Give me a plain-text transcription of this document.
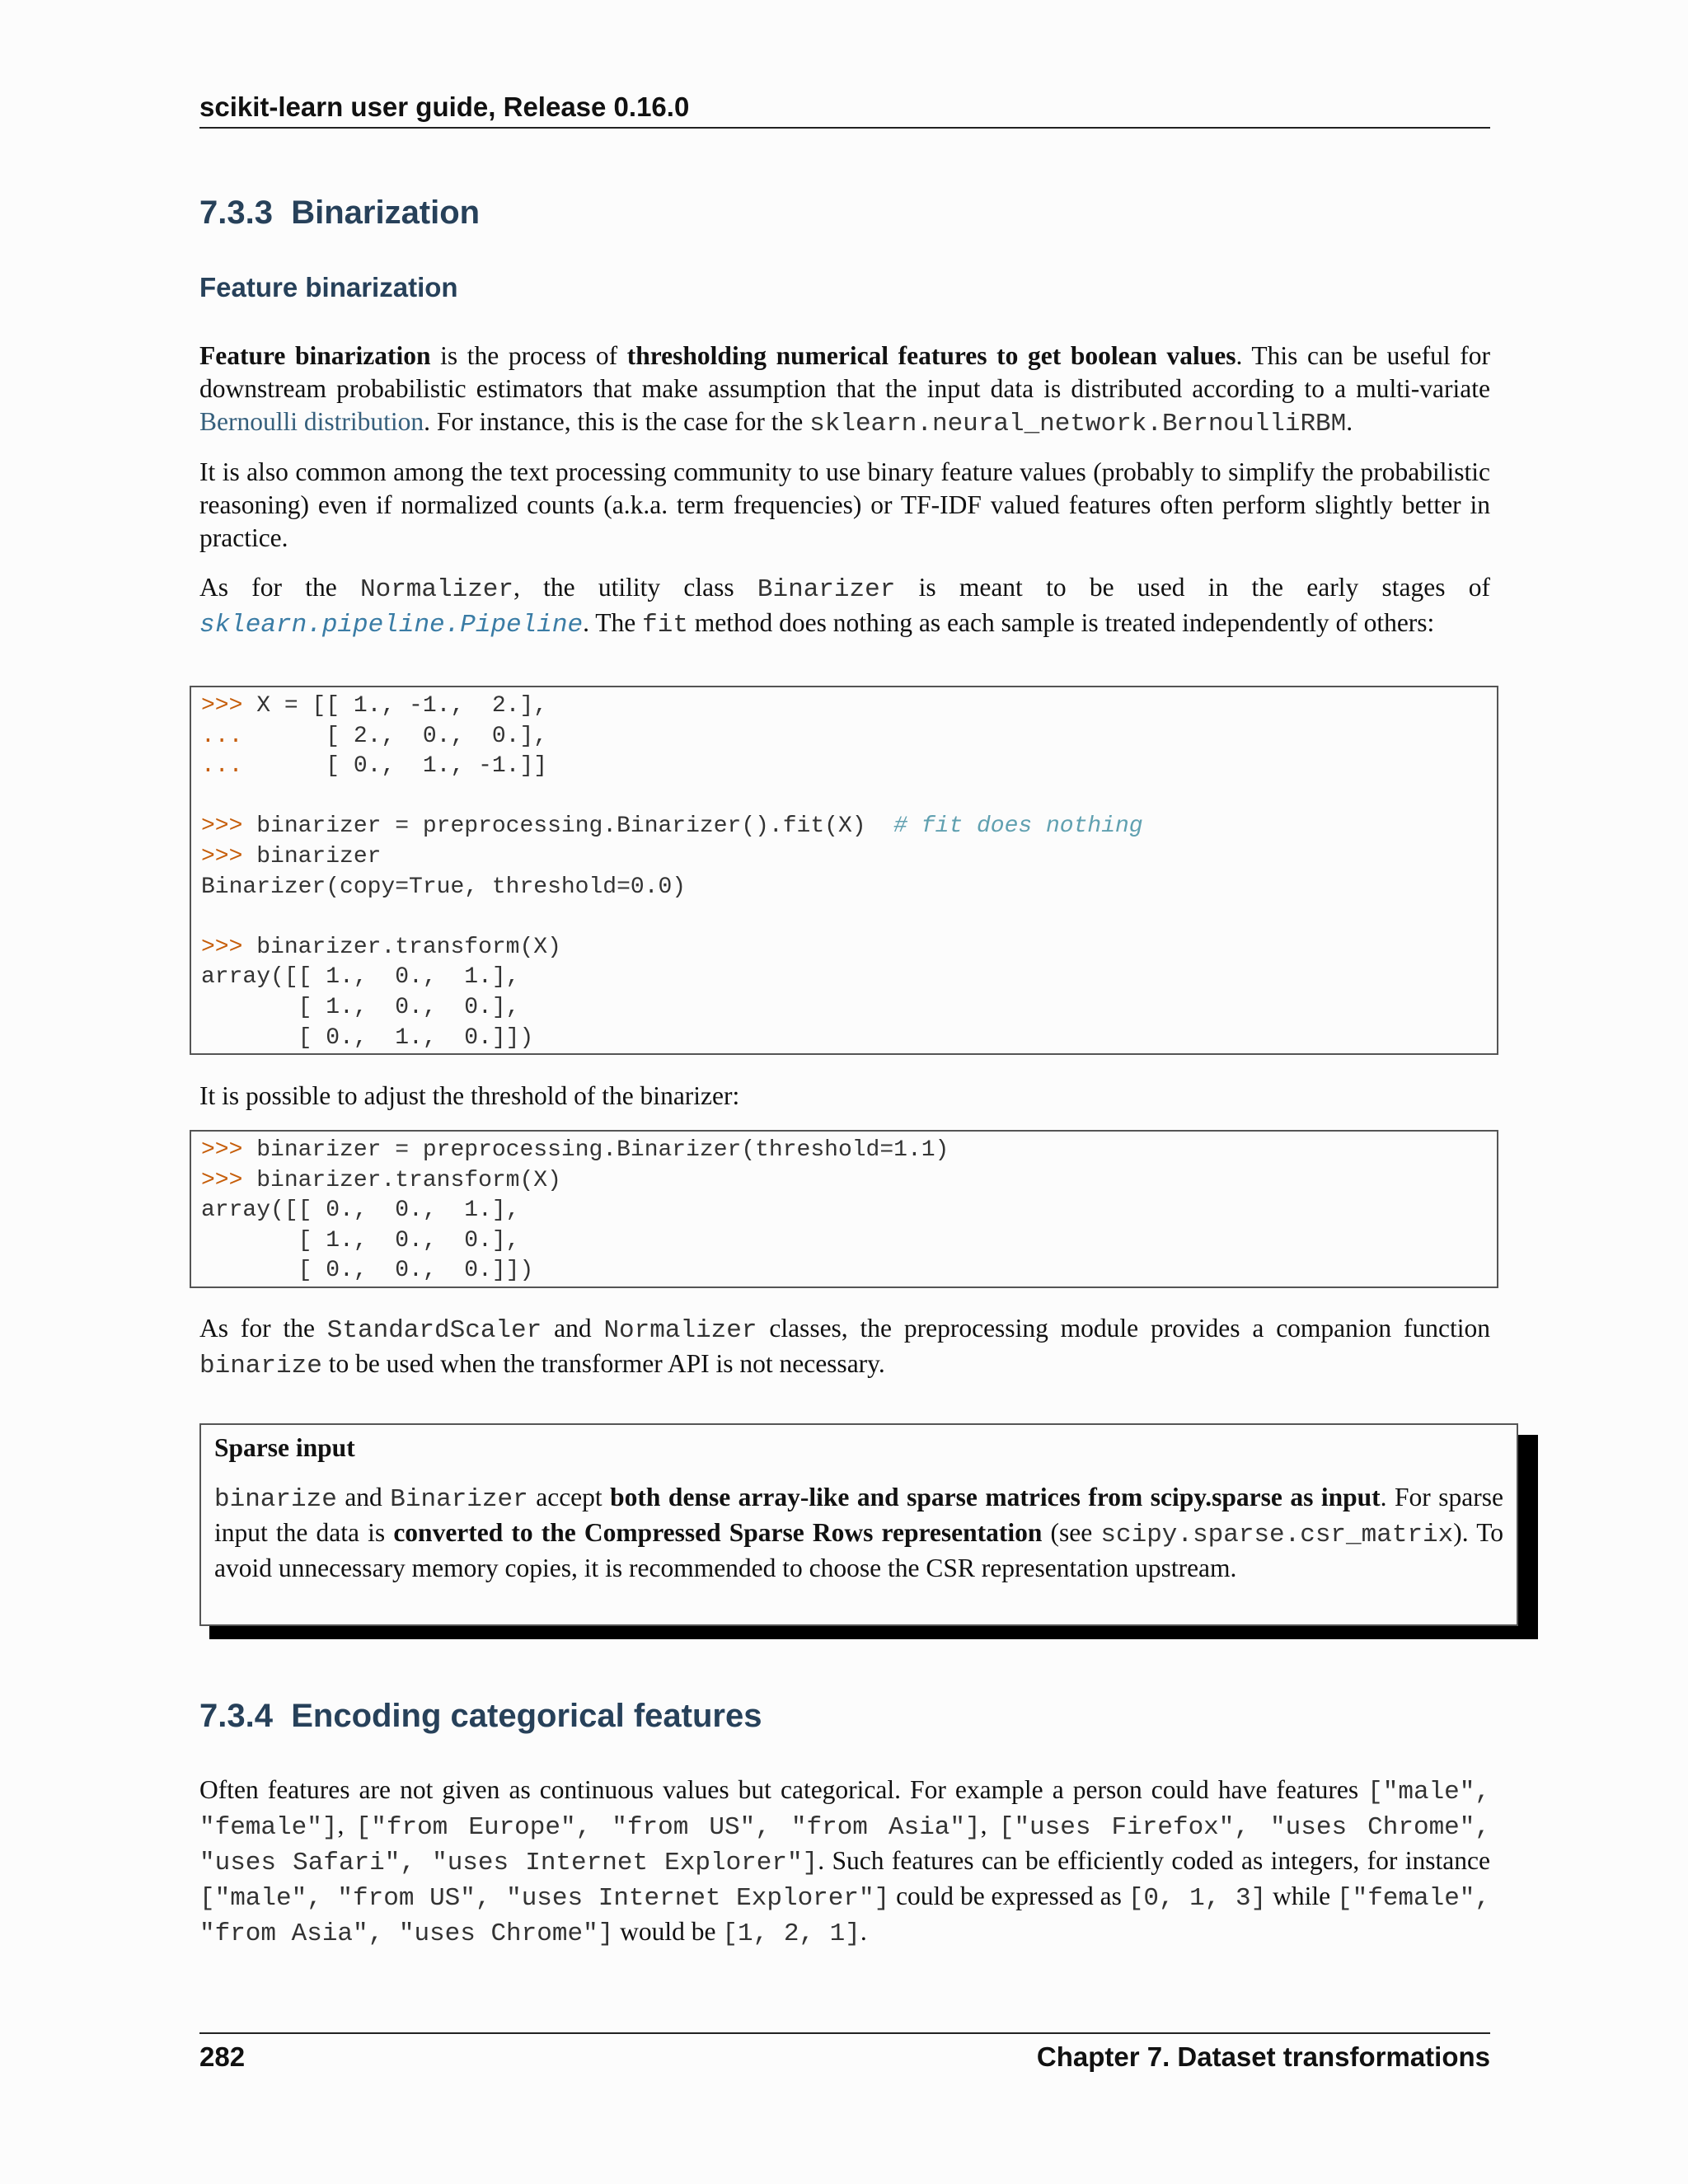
scikit-learn user guide, Release 0.16.0
7.3.3 Binarization
Feature binarization

Feature binarization is the process of thresholding numerical features to get boolean values. This can be useful for downstream probabilistic estimators that make assumption that the input data is distributed according to a multi-variate Bernoulli distribution. For instance, this is the case for the sklearn.neural_network.BernoulliRBM.

It is also common among the text processing community to use binary feature values (probably to simplify the probabilistic reasoning) even if normalized counts (a.k.a. term frequencies) or TF-IDF valued features often perform slightly better in practice.

As for the Normalizer, the utility class Binarizer is meant to be used in the early stages of sklearn.pipeline.Pipeline. The fit method does nothing as each sample is treated independently of others:

>>> X = [[ 1., -1.,  2.],
...      [ 2.,  0.,  0.],
...      [ 0.,  1., -1.]]

>>> binarizer = preprocessing.Binarizer().fit(X)  # fit does nothing
>>> binarizer
Binarizer(copy=True, threshold=0.0)

>>> binarizer.transform(X)
array([[ 1.,  0.,  1.],
[ 1.,  0.,  0.],
[ 0.,  1.,  0.]])

It is possible to adjust the threshold of the binarizer:

>>> binarizer = preprocessing.Binarizer(threshold=1.1)
>>> binarizer.transform(X)
array([[ 0.,  0.,  1.],
[ 1.,  0.,  0.],
[ 0.,  0.,  0.]])

As for the StandardScaler and Normalizer classes, the preprocessing module provides a companion function binarize to be used when the transformer API is not necessary.

Sparse input

binarize and Binarizer accept both dense array-like and sparse matrices from scipy.sparse as input. For sparse input the data is converted to the Compressed Sparse Rows representation (see scipy.sparse.csr_matrix). To avoid unnecessary memory copies, it is recommended to choose the CSR representation upstream.

7.3.4 Encoding categorical features

Often features are not given as continuous values but categorical. For example a person could have features ["male", "female"], ["from Europe", "from US", "from Asia"], ["uses Firefox", "uses Chrome", "uses Safari", "uses Internet Explorer"]. Such features can be efficiently coded as integers, for instance ["male", "from US", "uses Internet Explorer"] could be expressed as [0, 1, 3] while ["female", "from Asia", "uses Chrome"] would be [1, 2, 1].

282	Chapter 7. Dataset transformations
